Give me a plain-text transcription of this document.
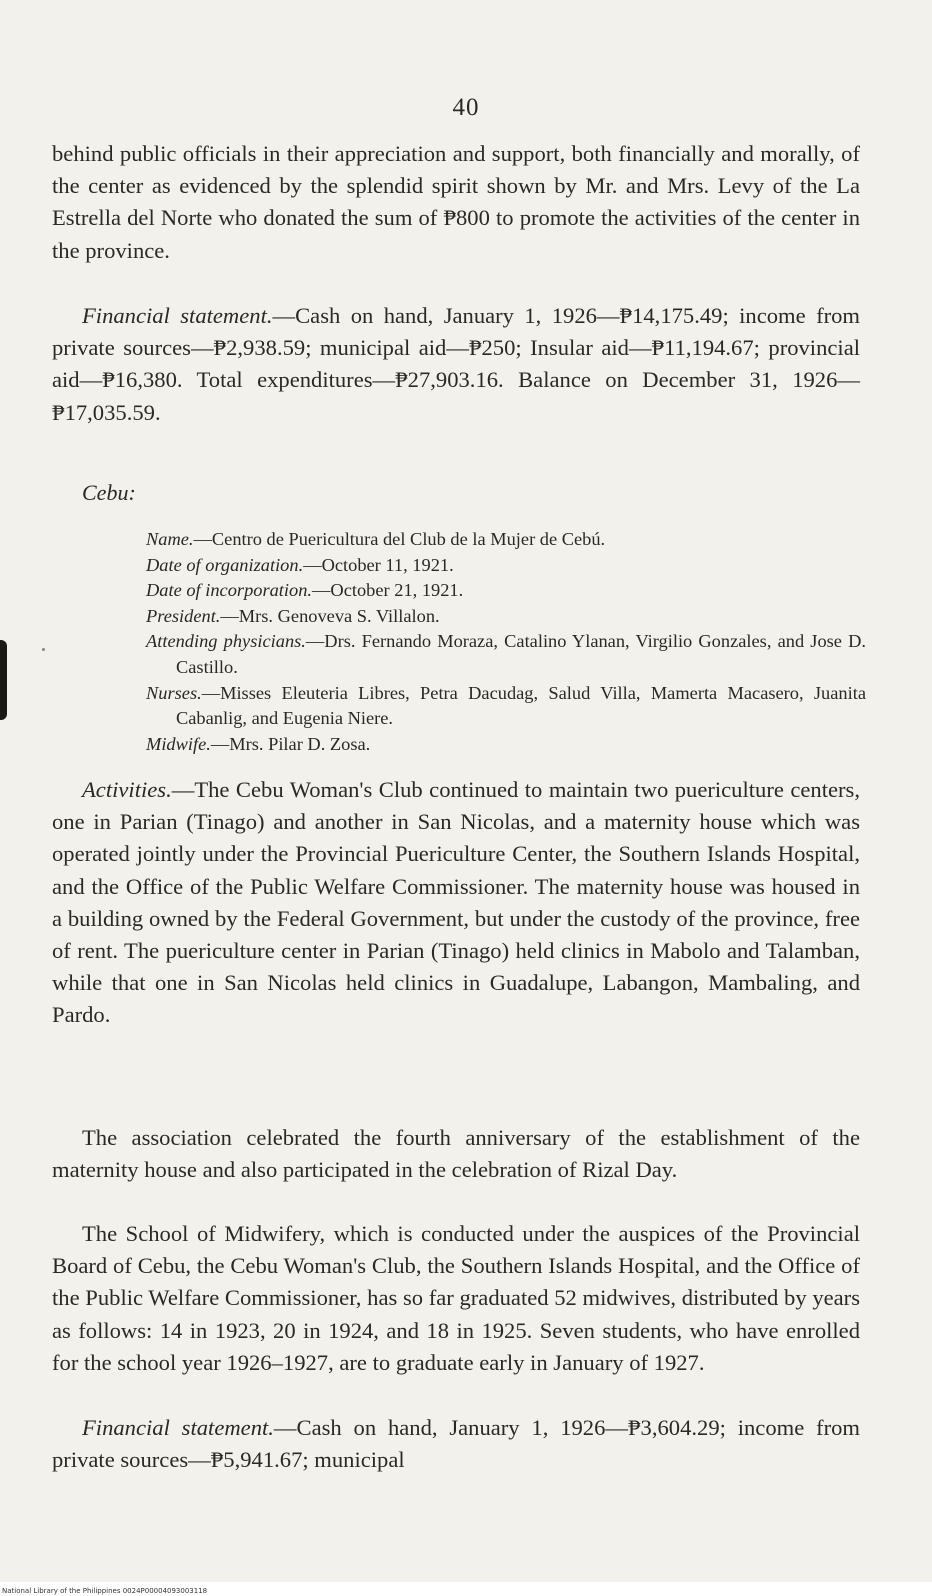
40

behind public officials in their appreciation and support, both financially and morally, of the center as evidenced by the splendid spirit shown by Mr. and Mrs. Levy of the La Estrella del Norte who donated the sum of ₱800 to promote the activities of the center in the province.

Financial statement.—Cash on hand, January 1, 1926—₱14,175.49; income from private sources—₱2,938.59; municipal aid—₱250; Insular aid—₱11,194.67; provincial aid—₱16,380. Total expenditures—₱27,903.16. Balance on December 31, 1926—₱17,035.59.

Cebu:

Name.—Centro de Puericultura del Club de la Mujer de Cebú.

Date of organization.—October 11, 1921.

Date of incorporation.—October 21, 1921.

President.—Mrs. Genoveva S. Villalon.

Attending physicians.—Drs. Fernando Moraza, Catalino Ylanan, Virgilio Gonzales, and Jose D. Castillo.

Nurses.—Misses Eleuteria Libres, Petra Dacudag, Salud Villa, Mamerta Macasero, Juanita Cabanlig, and Eugenia Niere.

Midwife.—Mrs. Pilar D. Zosa.

Activities.—The Cebu Woman's Club continued to maintain two puericulture centers, one in Parian (Tinago) and another in San Nicolas, and a maternity house which was operated jointly under the Provincial Puericulture Center, the Southern Islands Hospital, and the Office of the Public Welfare Commissioner. The maternity house was housed in a building owned by the Federal Government, but under the custody of the province, free of rent. The puericulture center in Parian (Tinago) held clinics in Mabolo and Talamban, while that one in San Nicolas held clinics in Guadalupe, Labangon, Mambaling, and Pardo.

The association celebrated the fourth anniversary of the establishment of the maternity house and also participated in the celebration of Rizal Day.

The School of Midwifery, which is conducted under the auspices of the Provincial Board of Cebu, the Cebu Woman's Club, the Southern Islands Hospital, and the Office of the Public Welfare Commissioner, has so far graduated 52 midwives, distributed by years as follows: 14 in 1923, 20 in 1924, and 18 in 1925. Seven students, who have enrolled for the school year 1926–1927, are to graduate early in January of 1927.

Financial statement.—Cash on hand, January 1, 1926—₱3,604.29; income from private sources—₱5,941.67; municipal

National Library of the Philippines 0024P00004093003118
